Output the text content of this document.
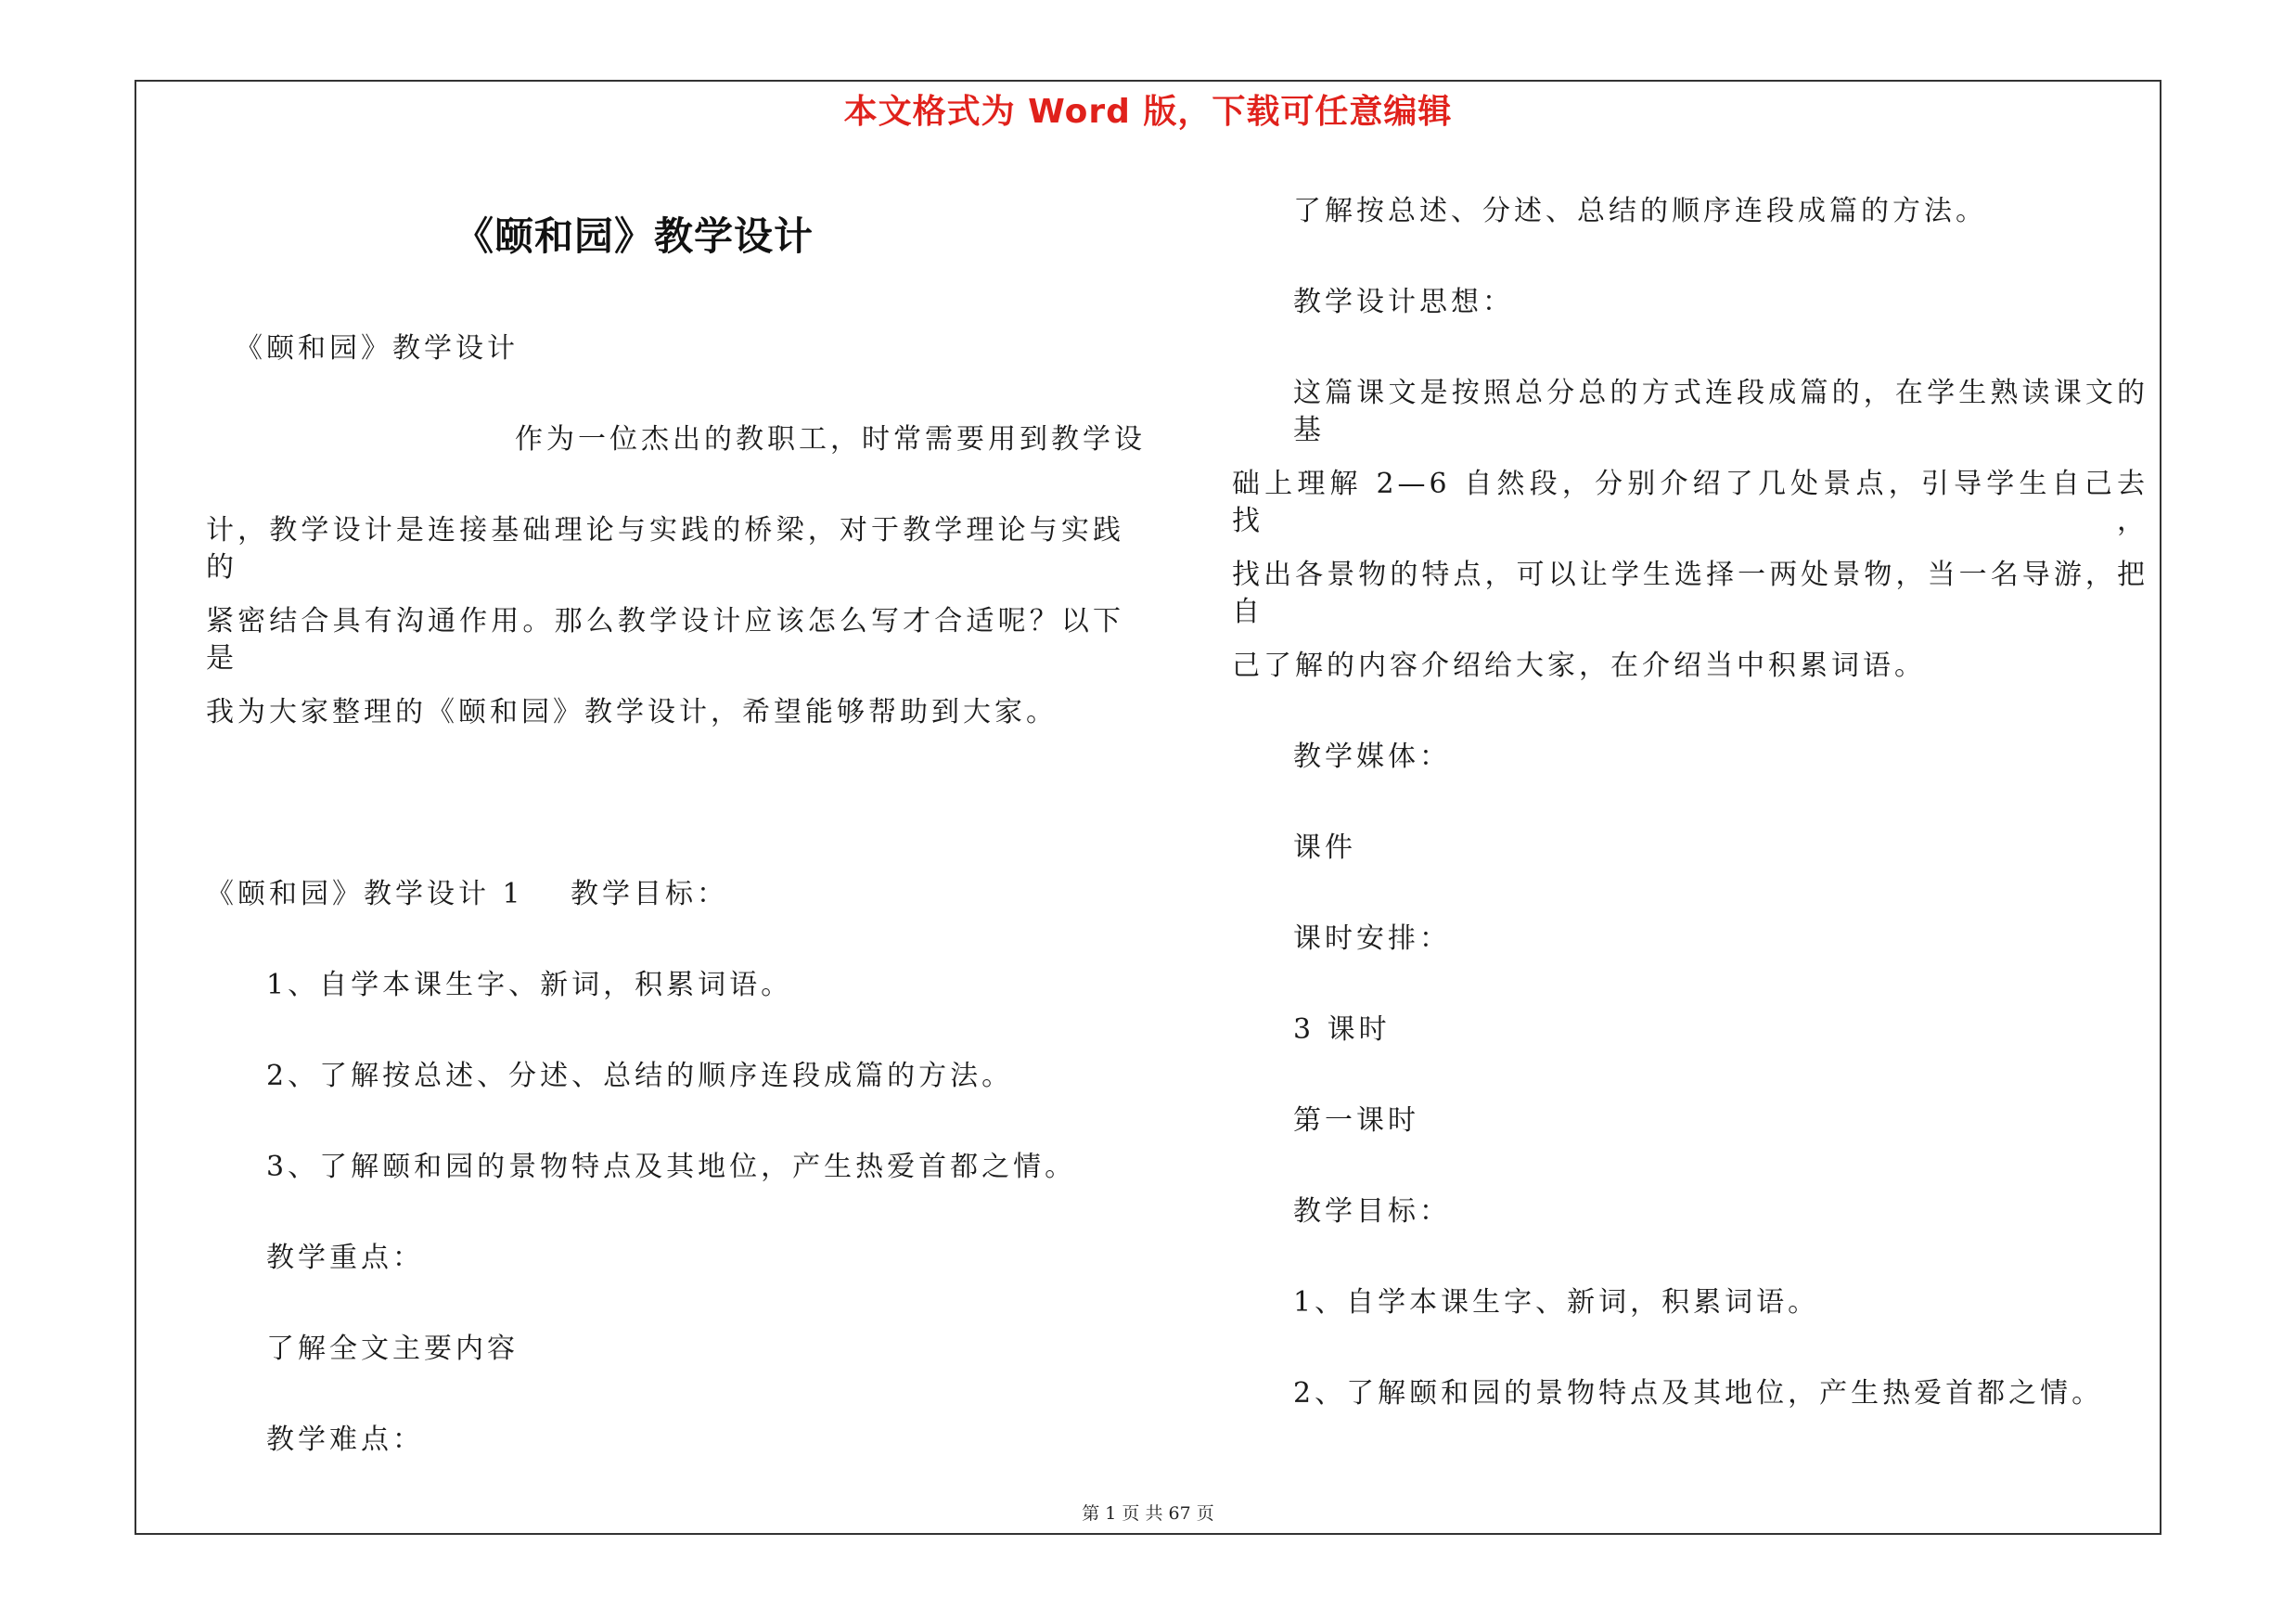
本文格式为 Word 版，下载可任意编辑
《颐和园》教学设计
《颐和园》教学设计
作为一位杰出的教职工，时常需要用到教学设
计，教学设计是连接基础理论与实践的桥梁，对于教学理论与实践的
紧密结合具有沟通作用。那么教学设计应该怎么写才合适呢？以下是
我为大家整理的《颐和园》教学设计，希望能够帮助到大家。
《颐和园》教学设计 1 教学目标：
1、自学本课生字、新词，积累词语。
2、了解按总述、分述、总结的顺序连段成篇的方法。
3、了解颐和园的景物特点及其地位，产生热爱首都之情。
教学重点：
了解全文主要内容
教学难点：
了解按总述、分述、总结的顺序连段成篇的方法。
教学设计思想：
这篇课文是按照总分总的方式连段成篇的，在学生熟读课文的基
础上理解 2—6 自然段，分别介绍了几处景点，引导学生自己去找，
找出各景物的特点，可以让学生选择一两处景物，当一名导游，把自
己了解的内容介绍给大家，在介绍当中积累词语。
教学媒体：
课件
课时安排：
3 课时
第一课时
教学目标：
1、自学本课生字、新词，积累词语。
2、了解颐和园的景物特点及其地位，产生热爱首都之情。
第 1 页 共 67 页
